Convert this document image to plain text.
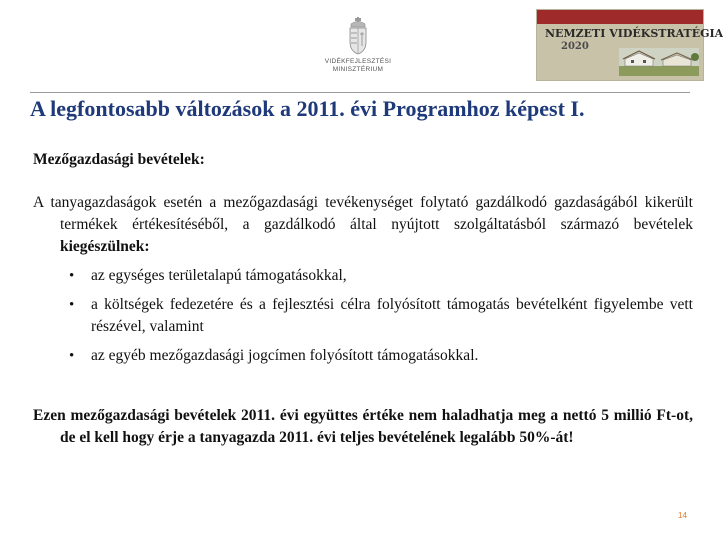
VIDÉKFEJLESZTÉSI
MINISZTÉRIUM
NEMZETI VIDÉKSTRATÉGIA
2020
A legfontosabb változások a 2011. évi Programhoz képest I.
Mezőgazdasági bevételek:
A tanyagazdaságok esetén a mezőgazdasági tevékenységet folytató gazdálkodó gazdaságából kikerült termékek értékesítéséből, a gazdálkodó által nyújtott szolgáltatásból származó bevételek kiegészülnek:
• az egységes területalapú támogatásokkal,
• a költségek fedezetére és a fejlesztési célra folyósított támogatás bevételként figyelembe vett részével, valamint
• az egyéb mezőgazdasági jogcímen folyósított támogatásokkal.
Ezen mezőgazdasági bevételek 2011. évi együttes értéke nem haladhatja meg a nettó 5 millió Ft-ot, de el kell hogy érje a tanyagazda 2011. évi teljes bevételének legalább 50%-át!
14
